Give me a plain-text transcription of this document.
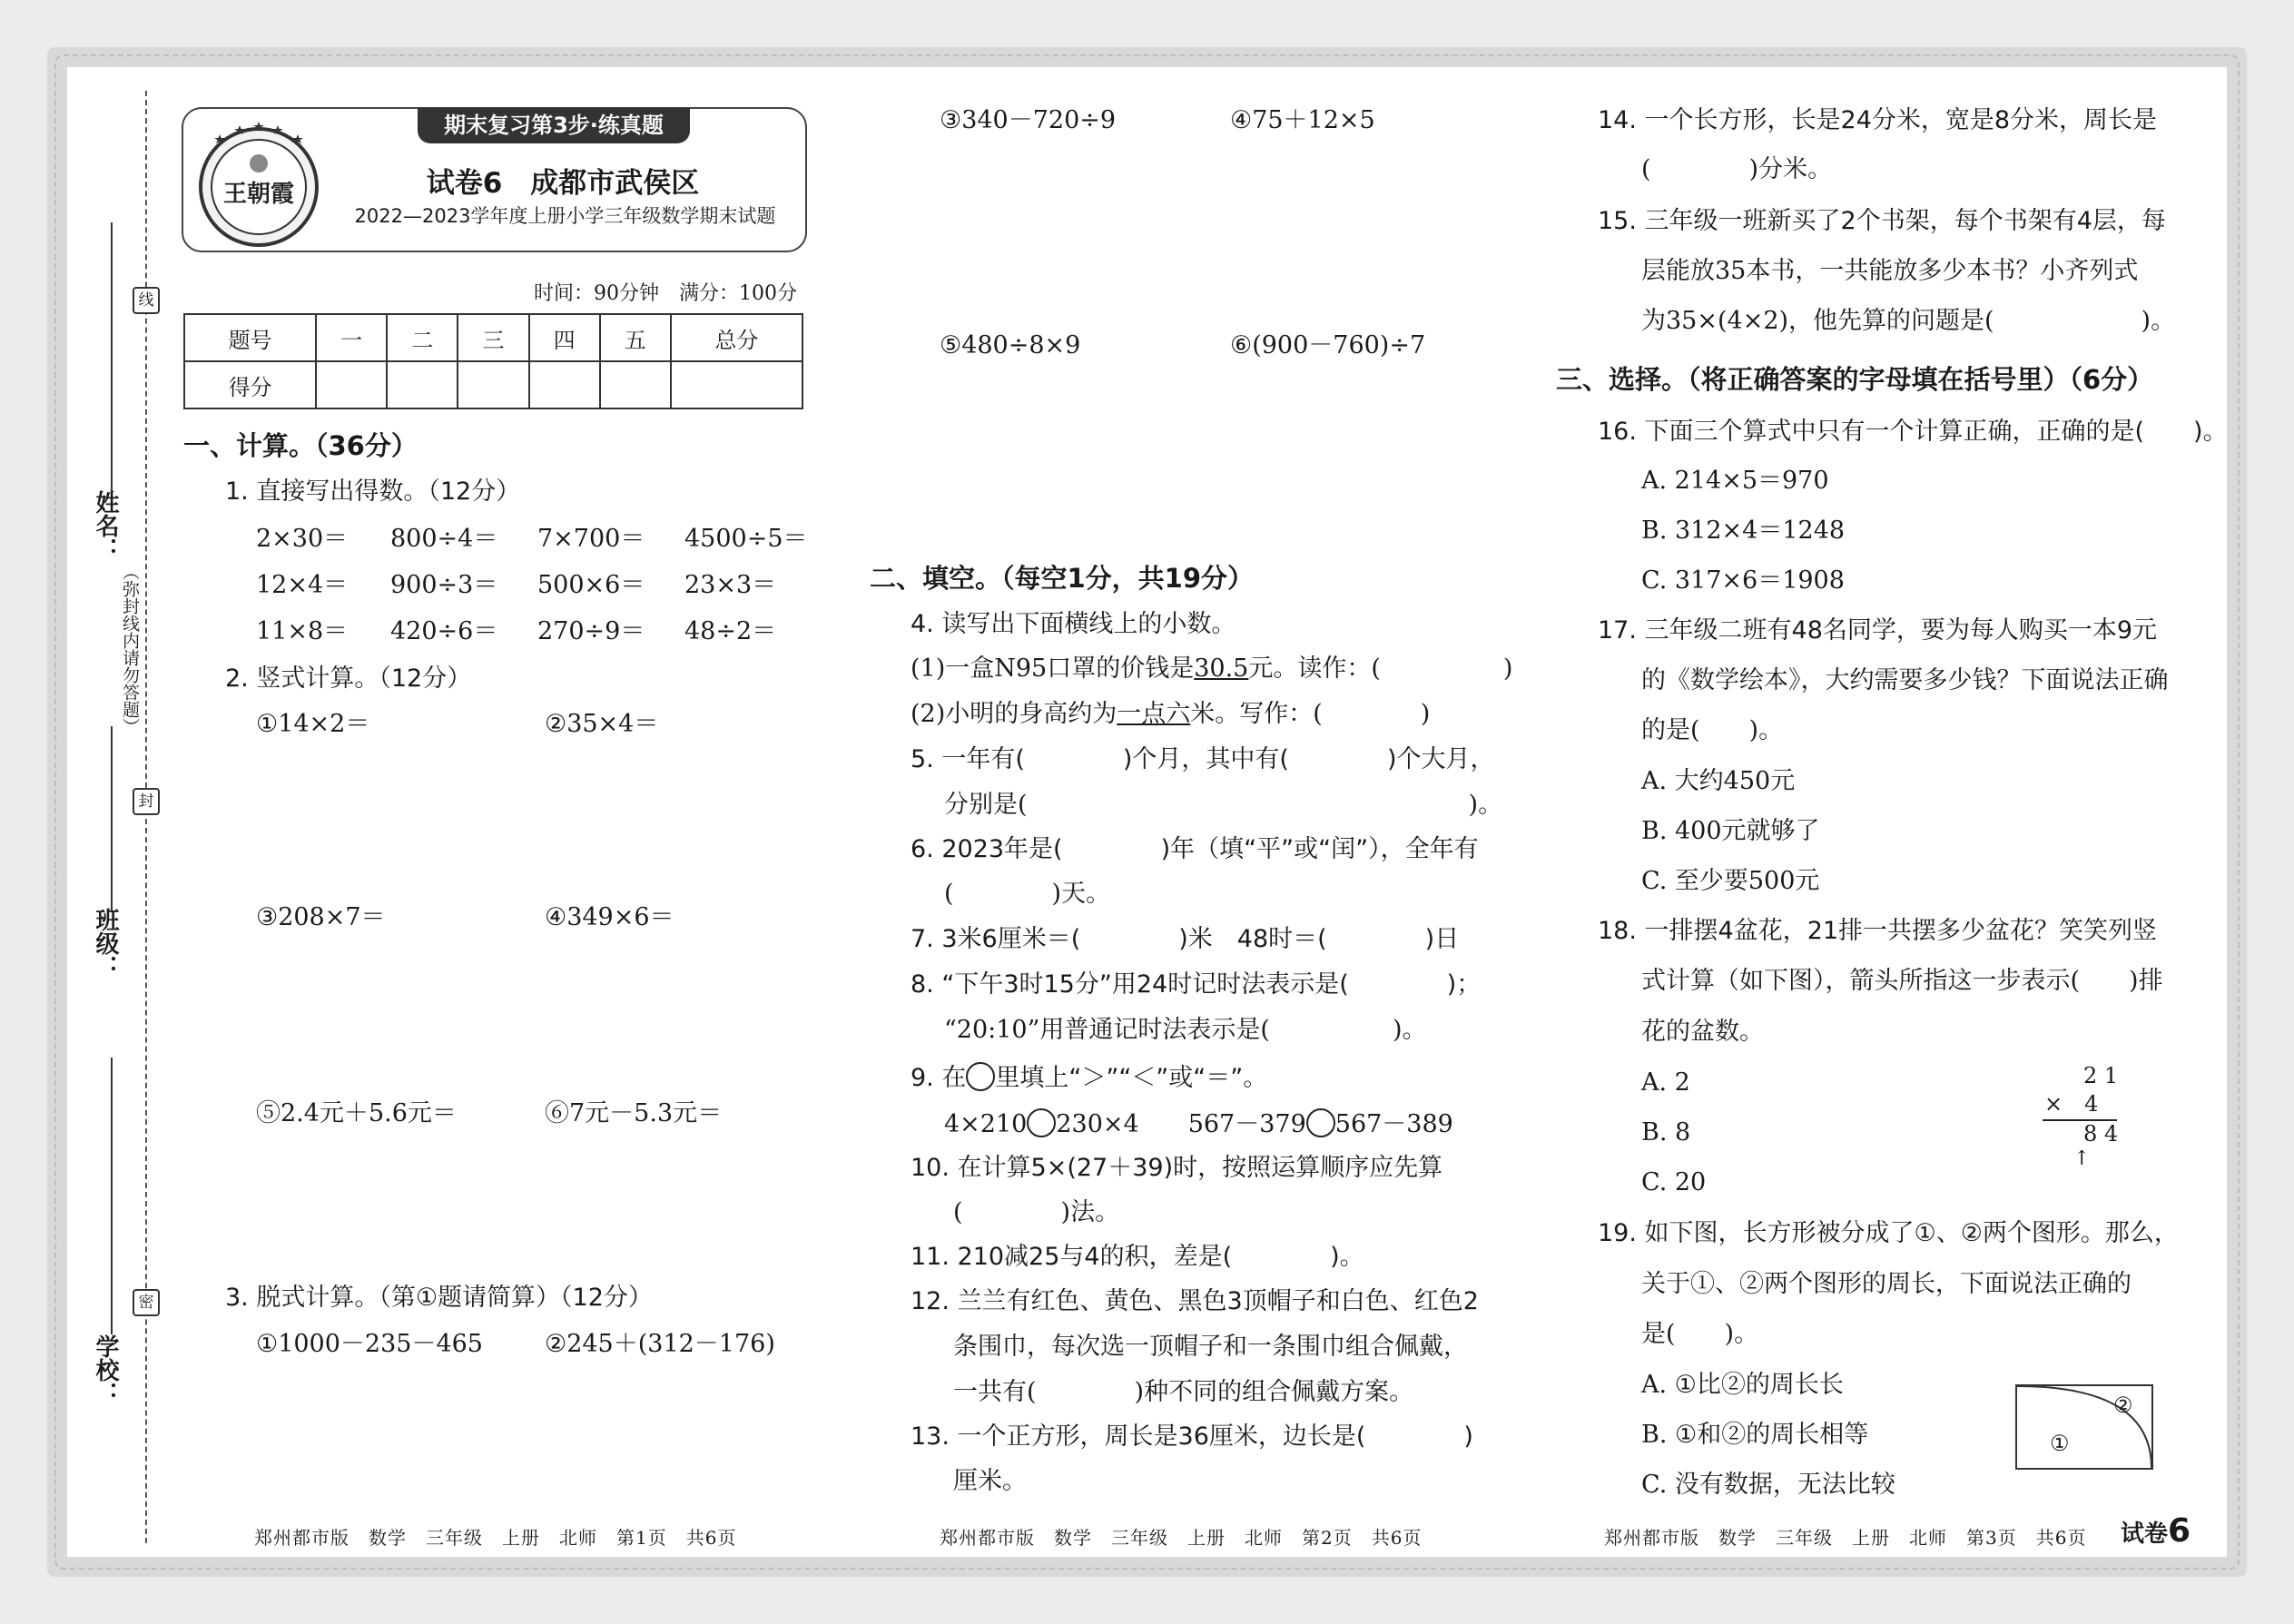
线
封
密
（弥封线内请勿答题）
姓名：
班级：
学校：
期末复习第3步·练真题
王朝霞	试卷6　成都市武侯区
2022—2023学年度上册小学三年级数学期末试题
时间：90分钟　满分：100分
题号	一	二	三	四	五	总分
得分						
一、计算。（36分）
1. 直接写出得数。（12分）
2×30＝ 800÷4＝ 7×700＝ 4500÷5＝
12×4＝ 900÷3＝ 500×6＝ 23×3＝
11×8＝ 420÷6＝ 270÷9＝ 48÷2＝
2. 竖式计算。（12分）
①14×2＝	②35×4＝
③208×7＝	④349×6＝
⑤2.4元＋5.6元＝	⑥7元－5.3元＝
3. 脱式计算。（第①题请简算）（12分）
①1000－235－465	②245＋(312－176)
③340－720÷9	④75＋12×5
⑤480÷8×9	⑥(900－760)÷7
二、填空。（每空1分，共19分）
4. 读写出下面横线上的小数。
(1)一盒N95口罩的价钱是30.5元。读作：(　　　　　)
(2)小明的身高约为一点六米。写作：(　　　　)
5. 一年有(　　　　)个月，其中有(　　　　)个大月，
分别是(　　　　　　　　　　　　　　　　　　)。
6. 2023年是(　　　　)年（填“平”或“闰”），全年有
(　　　　)天。
7. 3米6厘米＝(　　　　)米　48时＝(　　　　)日
8. “下午3时15分”用24时记时法表示是(　　　　)；
“20:10”用普通记时法表示是(　　　　　)。
9. 在 里填上“＞”“＜”或“＝”。
4×210 230×4　　 567－379 567－389
10. 在计算5×(27＋39)时，按照运算顺序应先算
(　　　　)法。
11. 210减25与4的积，差是(　　　　)。
12. 兰兰有红色、黄色、黑色3顶帽子和白色、红色2
条围巾，每次选一顶帽子和一条围巾组合佩戴，
一共有(　　　　)种不同的组合佩戴方案。
13. 一个正方形，周长是36厘米，边长是(　　　　)
厘米。
14. 一个长方形，长是24分米，宽是8分米，周长是
(　　　　)分米。
15. 三年级一班新买了2个书架，每个书架有4层，每
层能放35本书，一共能放多少本书？小齐列式
为35×(4×2)，他先算的问题是(　　　　　　)。
三、选择。（将正确答案的字母填在括号里）（6分）
16. 下面三个算式中只有一个计算正确，正确的是(　　)。
A. 214×5＝970
B. 312×4＝1248
C. 317×6＝1908
17. 三年级二班有48名同学，要为每人购买一本9元
的《数学绘本》，大约需要多少钱？下面说法正确
的是(　　)。
A. 大约450元
B. 400元就够了
C. 至少要500元
18. 一排摆4盆花，21排一共摆多少盆花？笑笑列竖
式计算（如下图），箭头所指这一步表示(　　)排
花的盆数。
A. 2
B. 8
C. 20
2 1
×　4
8 4
↑
19. 如下图，长方形被分成了①、②两个图形。那么，
关于①、②两个图形的周长，下面说法正确的
是(　　)。
A. ①比②的周长长
B. ①和②的周长相等
C. 没有数据，无法比较
①
②
郑州都市版　数学　三年级　上册　北师　第1页　共6页	郑州都市版　数学　三年级　上册　北师　第2页　共6页	郑州都市版　数学　三年级　上册　北师　第3页　共6页 试卷6
